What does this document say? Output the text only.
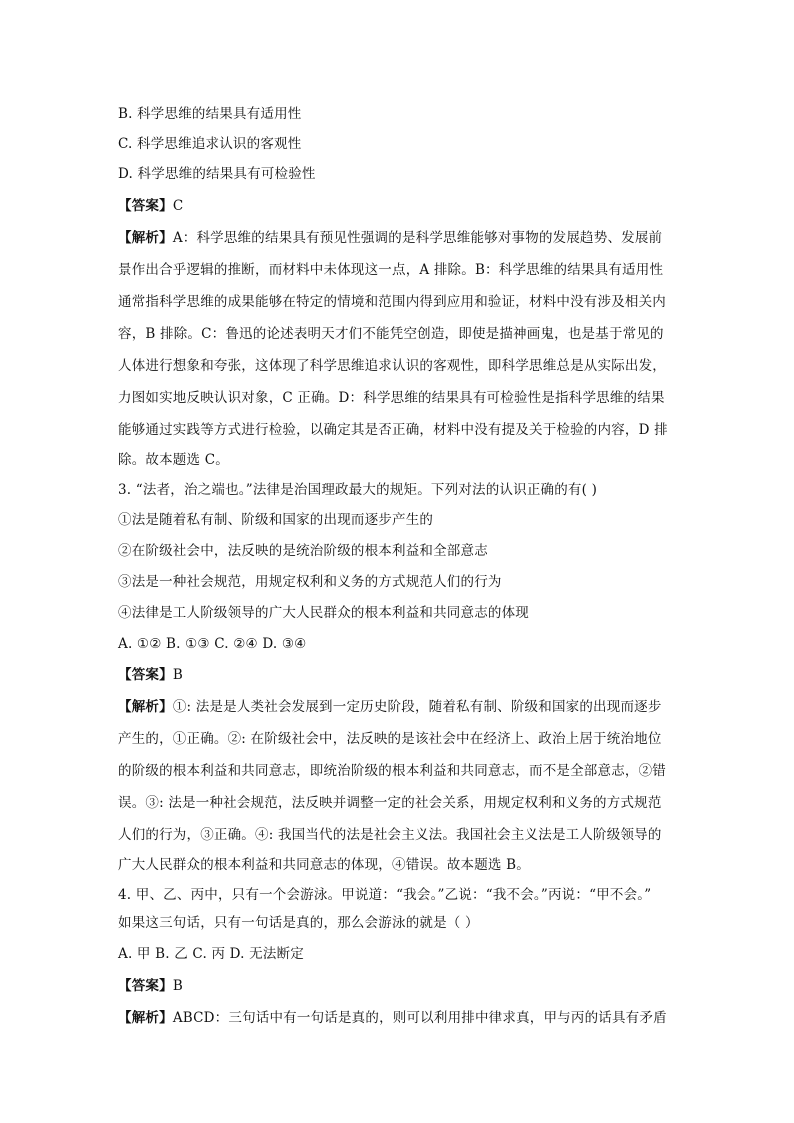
B. 科学思维的结果具有适用性
C. 科学思维追求认识的客观性
D. 科学思维的结果具有可检验性
【答案】C
【解析】A：科学思维的结果具有预见性强调的是科学思维能够对事物的发展趋势、发展前
景作出合乎逻辑的推断，而材料中未体现这一点，A 排除。B：科学思维的结果具有适用性
通常指科学思维的成果能够在特定的情境和范围内得到应用和验证，材料中没有涉及相关内
容，B 排除。C：鲁迅的论述表明天才们不能凭空创造，即使是描神画鬼，也是基于常见的
人体进行想象和夸张，这体现了科学思维追求认识的客观性，即科学思维总是从实际出发，
力图如实地反映认识对象，C 正确。D：科学思维的结果具有可检验性是指科学思维的结果
能够通过实践等方式进行检验，以确定其是否正确，材料中没有提及关于检验的内容，D 排
除。故本题选 C。
3. “法者，治之端也。”法律是治国理政最大的规矩。下列对法的认识正确的有( )
①法是随着私有制、阶级和国家的出现而逐步产生的
②在阶级社会中，法反映的是统治阶级的根本利益和全部意志
③法是一种社会规范，用规定权利和义务的方式规范人们的行为
④法律是工人阶级领导的广大人民群众的根本利益和共同意志的体现
A. ①② B. ①③ C. ②④ D. ③④
【答案】B
【解析】①: 法是是人类社会发展到一定历史阶段，随着私有制、阶级和国家的出现而逐步
产生的，①正确。②: 在阶级社会中，法反映的是该社会中在经济上、政治上居于统治地位
的阶级的根本利益和共同意志，即统治阶级的根本利益和共同意志，而不是全部意志，②错
误。③: 法是一种社会规范，法反映并调整一定的社会关系，用规定权利和义务的方式规范
人们的行为，③正确。④: 我国当代的法是社会主义法。我国社会主义法是工人阶级领导的
广大人民群众的根本利益和共同意志的体现，④错误。故本题选 B。
4. 甲、乙、丙中，只有一个会游泳。甲说道：“我会。”乙说：“我不会。”丙说：“甲不会。”
如果这三句话，只有一句话是真的，那么会游泳的就是（ ）
A. 甲 B. 乙 C. 丙 D. 无法断定
【答案】B
【解析】ABCD：三句话中有一句话是真的，则可以利用排中律求真，甲与丙的话具有矛盾
